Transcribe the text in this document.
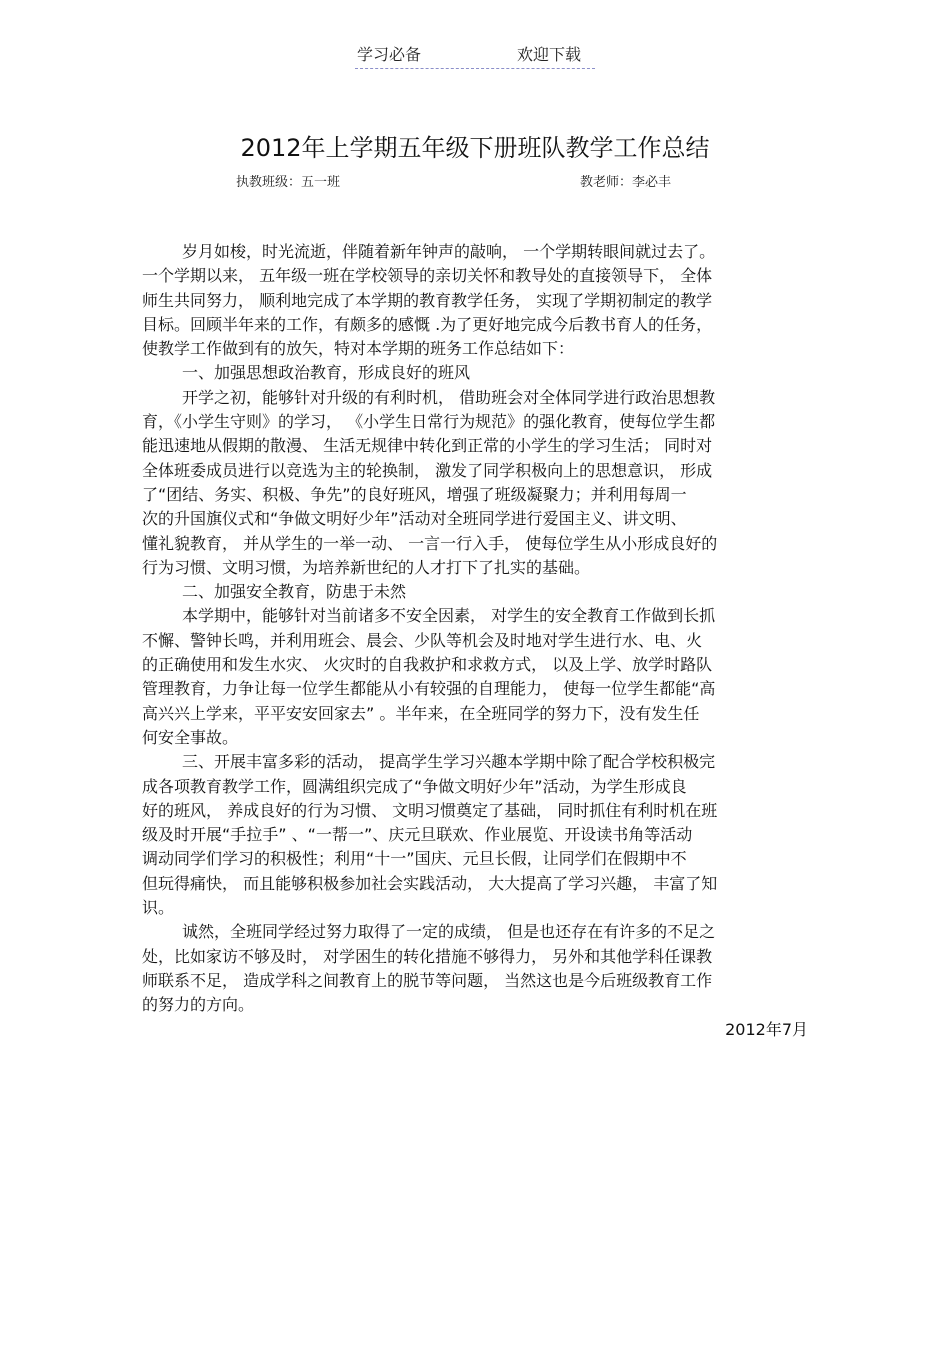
学习必备	欢迎下载
2012年上学期五年级下册班队教学工作总结
执教班级：五一班	教老师：李必丰
岁月如梭，时光流逝，伴随着新年钟声的敲响， 一个学期转眼间就过去了。
一个学期以来， 五年级一班在学校领导的亲切关怀和教导处的直接领导下， 全体
师生共同努力， 顺利地完成了本学期的教育教学任务， 实现了学期初制定的教学
目标。回顾半年来的工作，有颇多的感慨 .为了更好地完成今后教书育人的任务，
使教学工作做到有的放矢，特对本学期的班务工作总结如下：
一、加强思想政治教育，形成良好的班风
开学之初，能够针对升级的有利时机， 借助班会对全体同学进行政治思想教
育，《小学生守则》的学习， 《小学生日常行为规范》的强化教育，使每位学生都
能迅速地从假期的散漫、 生活无规律中转化到正常的小学生的学习生活； 同时对
全体班委成员进行以竞选为主的轮换制， 激发了同学积极向上的思想意识， 形成
了“团结、务实、积极、争先”的良好班风，增强了班级凝聚力；并利用每周一
次的升国旗仪式和“争做文明好少年”活动对全班同学进行爱国主义、讲文明、
懂礼貌教育， 并从学生的一举一动、 一言一行入手， 使每位学生从小形成良好的
行为习惯、文明习惯，为培养新世纪的人才打下了扎实的基础。
二、加强安全教育，防患于未然
本学期中，能够针对当前诸多不安全因素， 对学生的安全教育工作做到长抓
不懈、警钟长鸣，并利用班会、晨会、少队等机会及时地对学生进行水、电、火
的正确使用和发生水灾、 火灾时的自我救护和求救方式， 以及上学、放学时路队
管理教育，力争让每一位学生都能从小有较强的自理能力， 使每一位学生都能“高
高兴兴上学来，平平安安回家去” 。半年来，在全班同学的努力下，没有发生任
何安全事故。
三、开展丰富多彩的活动， 提高学生学习兴趣本学期中除了配合学校积极完
成各项教育教学工作，圆满组织完成了“争做文明好少年”活动，为学生形成良
好的班风， 养成良好的行为习惯、 文明习惯奠定了基础， 同时抓住有利时机在班
级及时开展“手拉手” 、“一帮一”、庆元旦联欢、作业展览、开设读书角等活动
调动同学们学习的积极性；利用“十一”国庆、元旦长假，让同学们在假期中不
但玩得痛快， 而且能够积极参加社会实践活动， 大大提高了学习兴趣， 丰富了知
识。
诚然，全班同学经过努力取得了一定的成绩， 但是也还存在有许多的不足之
处，比如家访不够及时， 对学困生的转化措施不够得力， 另外和其他学科任课教
师联系不足， 造成学科之间教育上的脱节等问题， 当然这也是今后班级教育工作
的努力的方向。
2012年7月
